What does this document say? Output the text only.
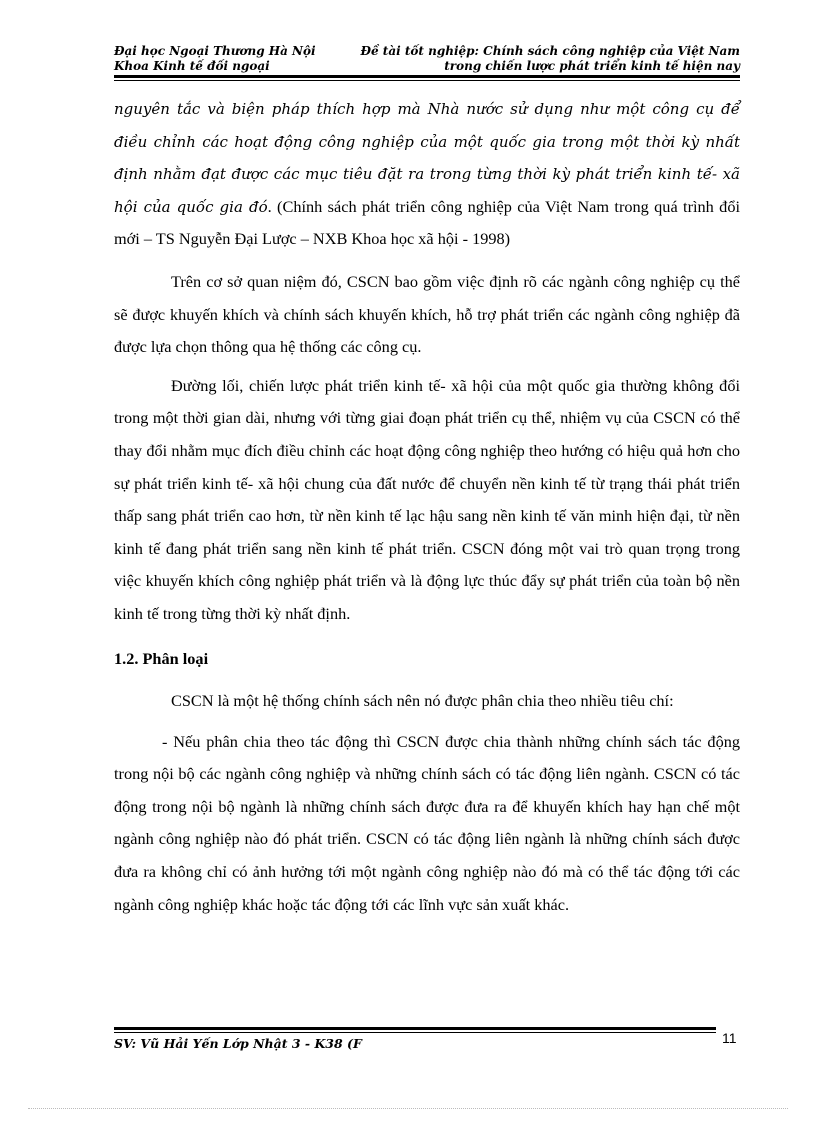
Đại học Ngoại Thương Hà Nội
Khoa Kinh tế đối ngoại
Đề tài tốt nghiệp: Chính sách công nghiệp của Việt Nam
trong chiến lược phát triển kinh tế hiện nay

nguyên tắc và biện pháp thích hợp mà Nhà nước sử dụng như một công cụ để điều chỉnh các hoạt động công nghiệp của một quốc gia trong một thời kỳ nhất định nhằm đạt được các mục tiêu đặt ra trong từng thời kỳ phát triển kinh tế- xã hội của quốc gia đó. (Chính sách phát triển công nghiệp của Việt Nam trong quá trình đổi mới – TS Nguyễn Đại Lược – NXB Khoa học xã hội - 1998)

Trên cơ sở quan niệm đó, CSCN bao gồm việc định rõ các ngành công nghiệp cụ thể sẽ được khuyến khích và chính sách khuyến khích, hỗ trợ phát triển các ngành công nghiệp đã được lựa chọn thông qua hệ thống các công cụ.

Đường lối, chiến lược phát triển kinh tế- xã hội của một quốc gia thường không đổi trong một thời gian dài, nhưng với từng giai đoạn phát triển cụ thể, nhiệm vụ của CSCN có thể thay đổi nhằm mục đích điều chỉnh các hoạt động công nghiệp theo hướng có hiệu quả hơn cho sự phát triển kinh tế- xã hội chung của đất nước để chuyển nền kinh tế từ trạng thái phát triển thấp sang phát triển cao hơn, từ nền kinh tế lạc hậu sang nền kinh tế văn minh hiện đại, từ nền kinh tế đang phát triển sang nền kinh tế phát triển. CSCN đóng một vai trò quan trọng trong việc khuyến khích công nghiệp phát triển và là động lực thúc đẩy sự phát triển của toàn bộ nền kinh tế trong từng thời kỳ nhất định.

1.2. Phân loại

CSCN là một hệ thống chính sách nên nó được phân chia theo nhiều tiêu chí:

- Nếu phân chia theo tác động thì CSCN được chia thành những chính sách tác động trong nội bộ các ngành công nghiệp và những chính sách có tác động liên ngành. CSCN có tác động trong nội bộ ngành là những chính sách được đưa ra để khuyến khích hay hạn chế một ngành công nghiệp nào đó phát triển. CSCN có tác động liên ngành là những chính sách được đưa ra không chỉ có ảnh hưởng tới một ngành công nghiệp nào đó mà có thể tác động tới các ngành công nghiệp khác hoặc tác động tới các lĩnh vực sản xuất khác.

SV: Vũ Hải Yến Lớp Nhật 3 - K38 (F	11
